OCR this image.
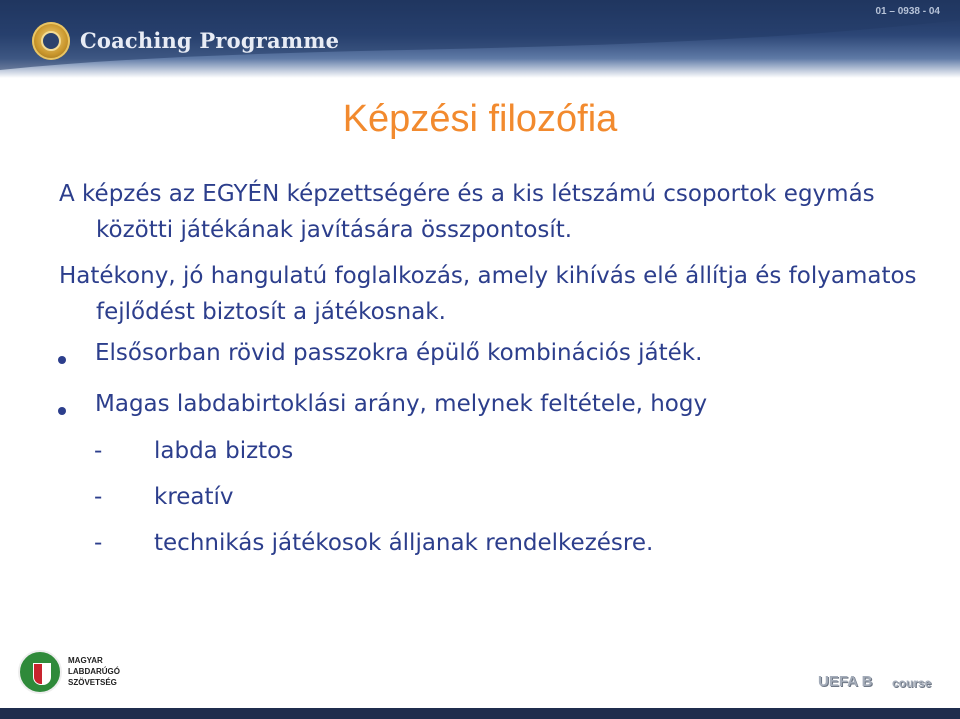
Coaching Programme
01 – 0938 - 04
Képzési filozófia
A képzés az EGYÉN képzettségére és a kis létszámú csoportok egymás közötti játékának javítására összpontosít.
Hatékony, jó hangulatú foglalkozás, amely kihívás elé állítja és folyamatos fejlődést biztosít a játékosnak.
Elsősorban rövid passzokra épülő kombinációs játék.
Magas labdabirtoklási arány, melynek feltétele, hogy
- labda biztos
- kreatív
- technikás játékosok álljanak rendelkezésre.
MAGYAR
LABDARÚGÓ
SZÖVETSÉG	UEFA B course
